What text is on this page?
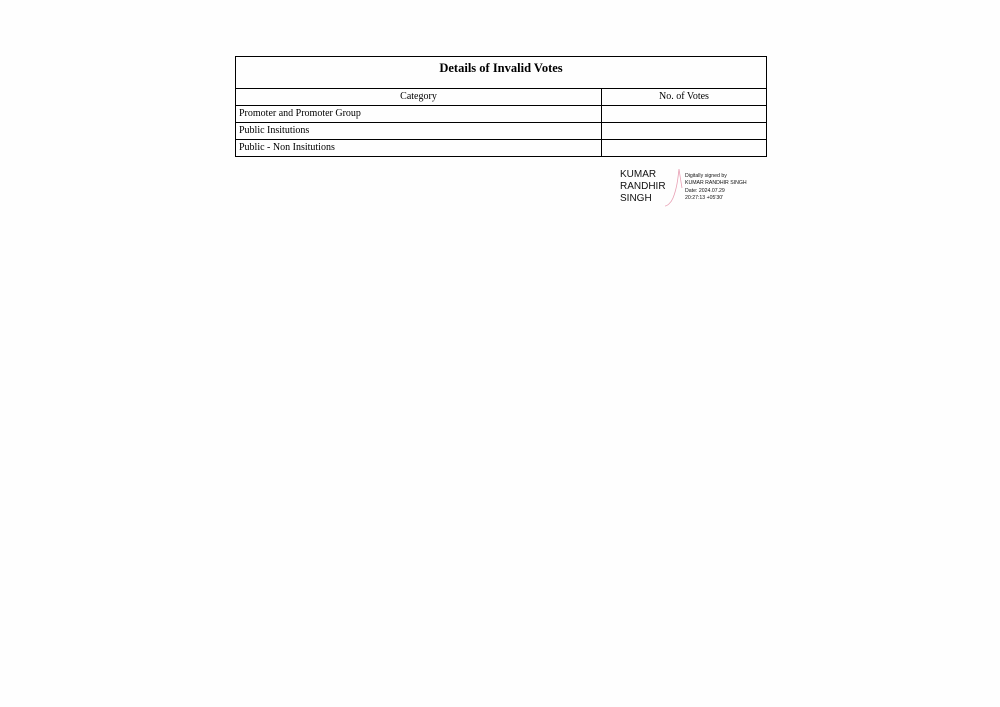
Details of Invalid Votes	
Category	No. of Votes
Promoter and Promoter Group	
Public Insitutions	
Public - Non Insitutions	
KUMAR
RANDHIR
SINGH
Digitally signed by
KUMAR RANDHIR SINGH
Date: 2024.07.29
20:27:13 +05'30'
